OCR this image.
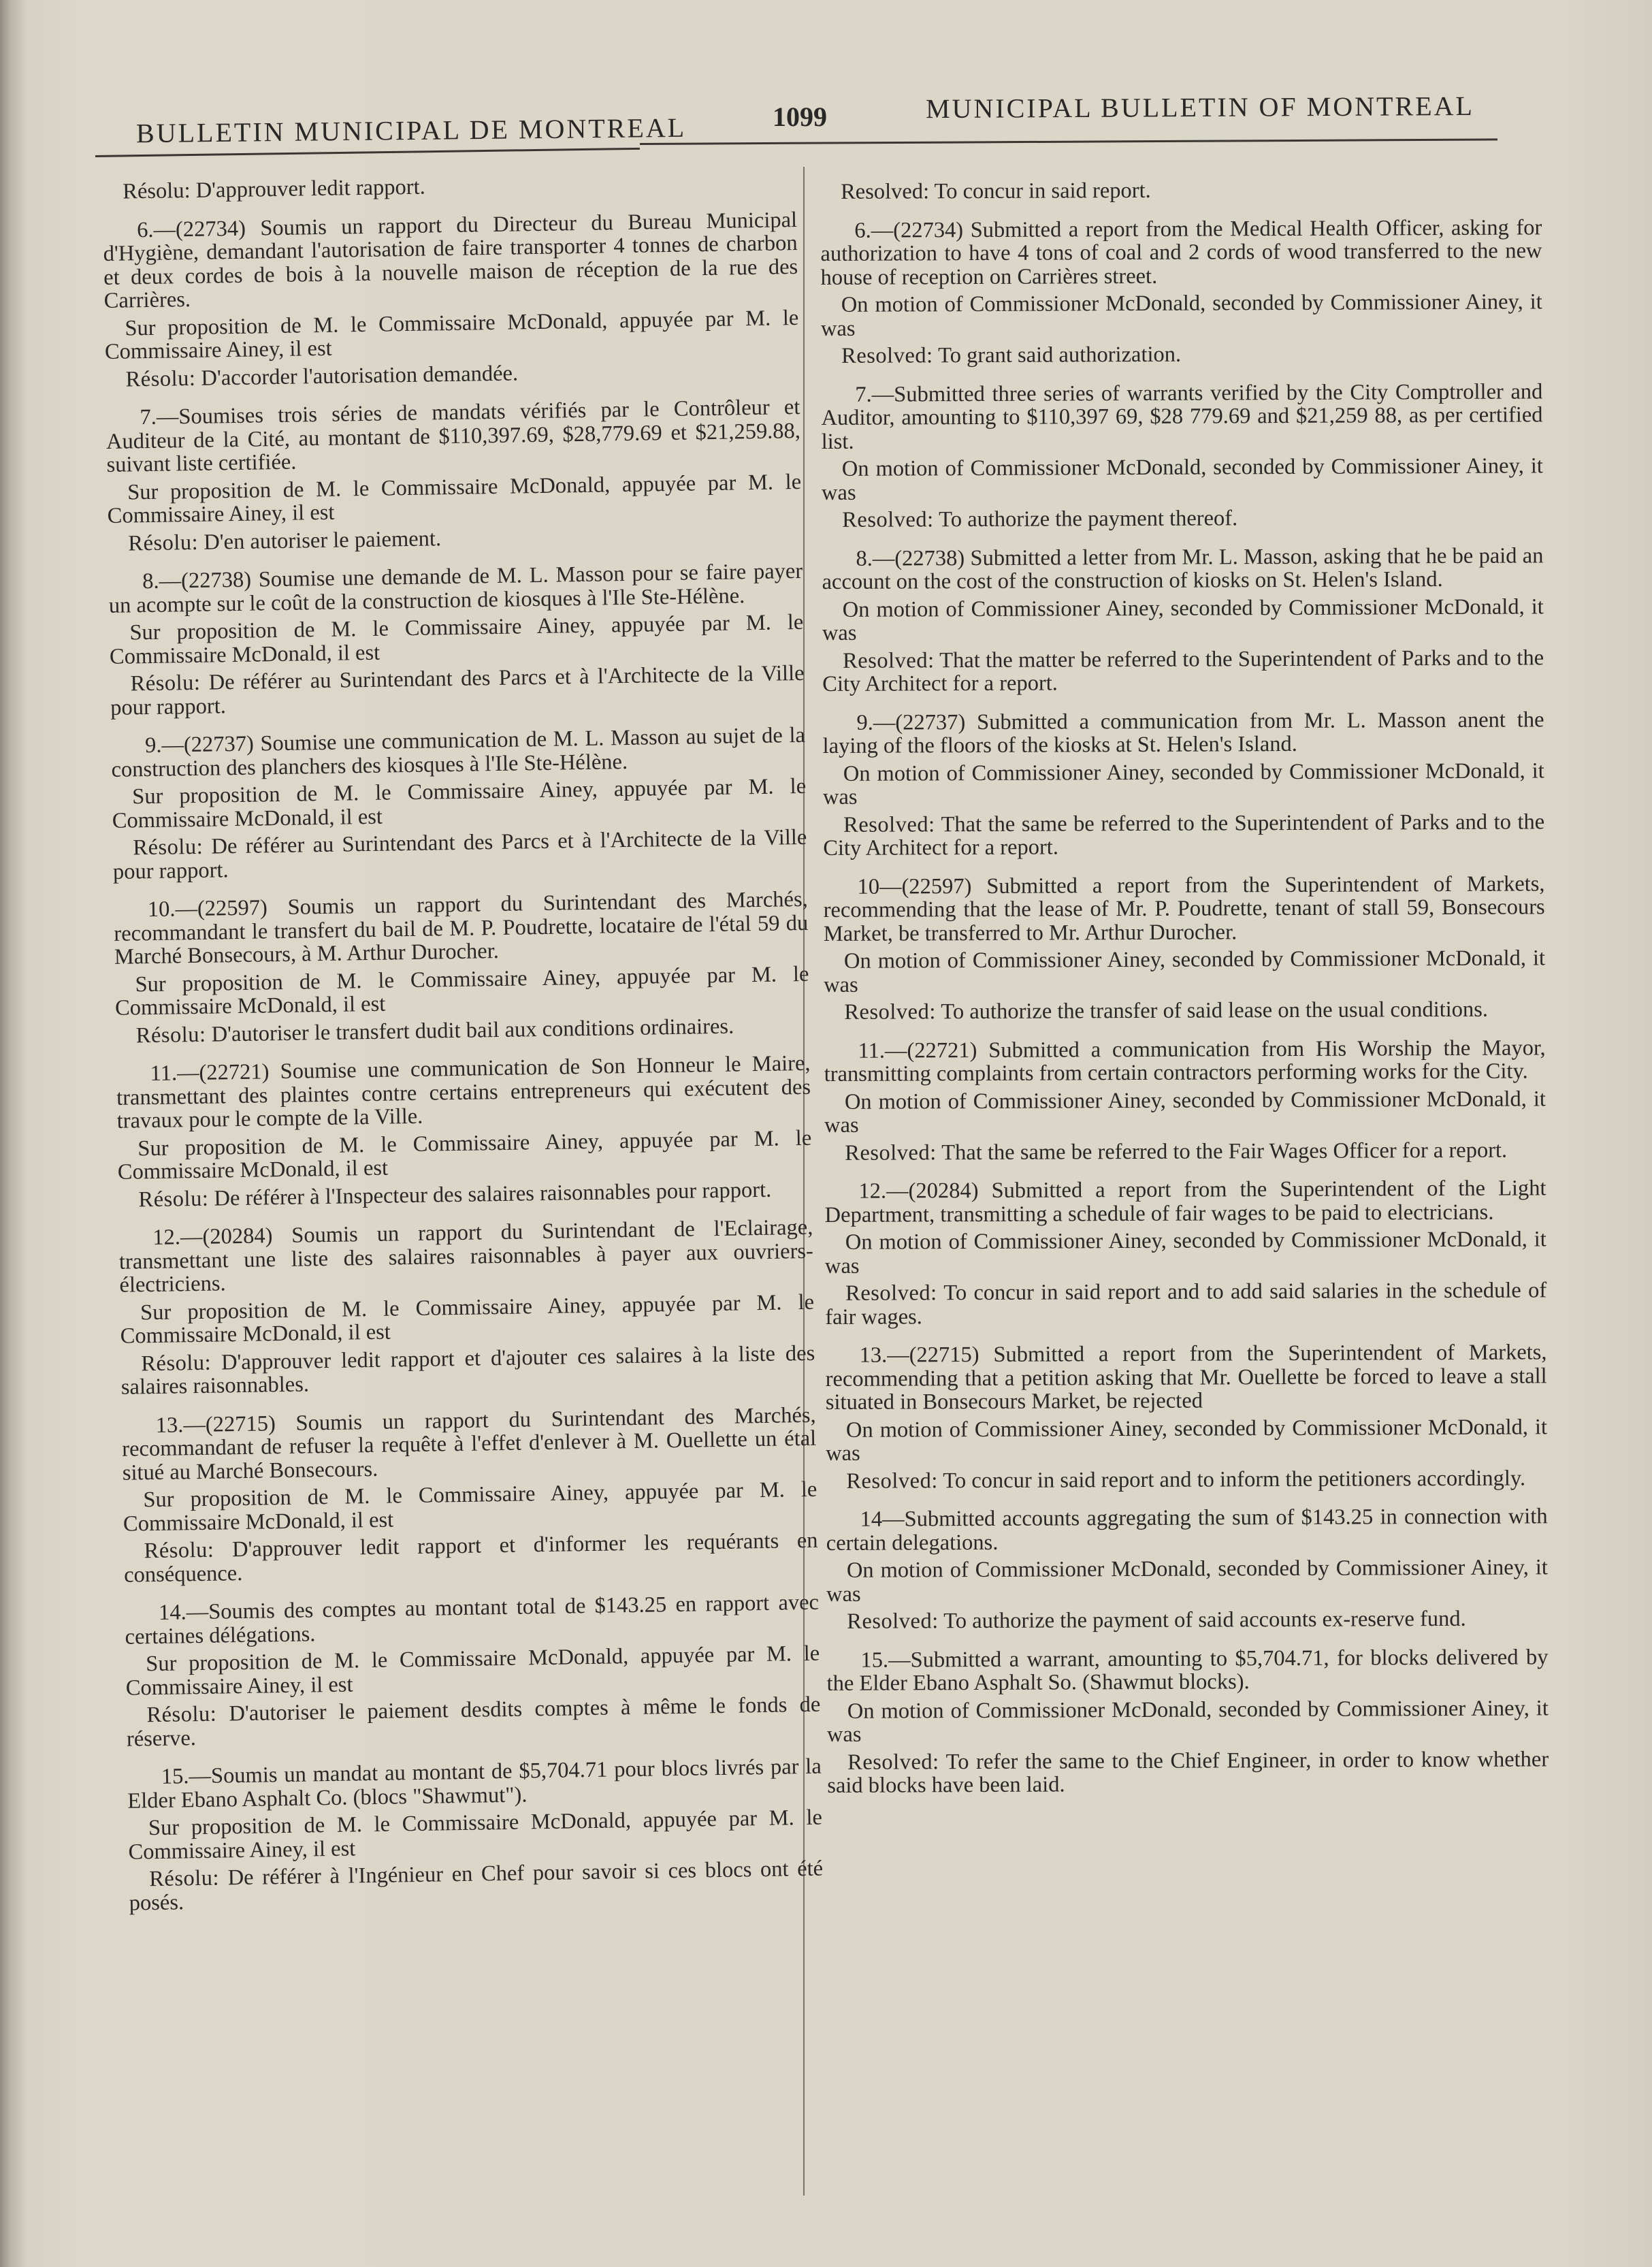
BULLETIN MUNICIPAL DE MONTREAL	1099	MUNICIPAL BULLETIN OF MONTREAL

Résolu: D'approuver ledit rapport.

6.—(22734) Soumis un rapport du Directeur du Bureau Municipal d'Hygiène, demandant l'autorisation de faire transporter 4 tonnes de charbon et deux cordes de bois à la nouvelle maison de réception de la rue des Carrières.

Sur proposition de M. le Commissaire McDonald, appuyée par M. le Commissaire Ainey, il est

Résolu: D'accorder l'autorisation demandée.

7.—Soumises trois séries de mandats vérifiés par le Contrôleur et Auditeur de la Cité, au montant de $110,397.69, $28,779.69 et $21,259.88, suivant liste certifiée.

Sur proposition de M. le Commissaire McDonald, appuyée par M. le Commissaire Ainey, il est

Résolu: D'en autoriser le paiement.

8.—(22738) Soumise une demande de M. L. Masson pour se faire payer un acompte sur le coût de la construction de kiosques à l'Ile Ste-Hélène.

Sur proposition de M. le Commissaire Ainey, appuyée par M. le Commissaire McDonald, il est

Résolu: De référer au Surintendant des Parcs et à l'Architecte de la Ville pour rapport.

9.—(22737) Soumise une communication de M. L. Masson au sujet de la construction des planchers des kiosques à l'Ile Ste-Hélène.

Sur proposition de M. le Commissaire Ainey, appuyée par M. le Commissaire McDonald, il est

Résolu: De référer au Surintendant des Parcs et à l'Architecte de la Ville pour rapport.

10.—(22597) Soumis un rapport du Surintendant des Marchés, recommandant le transfert du bail de M. P. Poudrette, locataire de l'étal 59 du Marché Bonsecours, à M. Arthur Durocher.

Sur proposition de M. le Commissaire Ainey, appuyée par M. le Commissaire McDonald, il est

Résolu: D'autoriser le transfert dudit bail aux conditions ordinaires.

11.—(22721) Soumise une communication de Son Honneur le Maire, transmettant des plaintes contre certains entrepreneurs qui exécutent des travaux pour le compte de la Ville.

Sur proposition de M. le Commissaire Ainey, appuyée par M. le Commissaire McDonald, il est

Résolu: De référer à l'Inspecteur des salaires raisonnables pour rapport.

12.—(20284) Soumis un rapport du Surintendant de l'Eclairage, transmettant une liste des salaires raisonnables à payer aux ouvriers-électriciens.

Sur proposition de M. le Commissaire Ainey, appuyée par M. le Commissaire McDonald, il est

Résolu: D'approuver ledit rapport et d'ajouter ces salaires à la liste des salaires raisonnables.

13.—(22715) Soumis un rapport du Surintendant des Marchés, recommandant de refuser la requête à l'effet d'enlever à M. Ouellette un étal situé au Marché Bonsecours.

Sur proposition de M. le Commissaire Ainey, appuyée par M. le Commissaire McDonald, il est

Résolu: D'approuver ledit rapport et d'informer les requérants en conséquence.

14.—Soumis des comptes au montant total de $143.25 en rapport avec certaines délégations.

Sur proposition de M. le Commissaire McDonald, appuyée par M. le Commissaire Ainey, il est

Résolu: D'autoriser le paiement desdits comptes à même le fonds de réserve.

15.—Soumis un mandat au montant de $5,704.71 pour blocs livrés par la Elder Ebano Asphalt Co. (blocs "Shawmut").

Sur proposition de M. le Commissaire McDonald, appuyée par M. le Commissaire Ainey, il est

Résolu: De référer à l'Ingénieur en Chef pour savoir si ces blocs ont été posés.

Resolved: To concur in said report.

6.—(22734) Submitted a report from the Medical Health Officer, asking for authorization to have 4 tons of coal and 2 cords of wood transferred to the new house of reception on Carrières street.

On motion of Commissioner McDonald, seconded by Commissioner Ainey, it was

Resolved: To grant said authorization.

7.—Submitted three series of warrants verified by the City Comptroller and Auditor, amounting to $110,397 69, $28 779.69 and $21,259 88, as per certified list.

On motion of Commissioner McDonald, seconded by Commissioner Ainey, it was

Resolved: To authorize the payment thereof.

8.—(22738) Submitted a letter from Mr. L. Masson, asking that he be paid an account on the cost of the construction of kiosks on St. Helen's Island.

On motion of Commissioner Ainey, seconded by Commissioner McDonald, it was

Resolved: That the matter be referred to the Superintendent of Parks and to the City Architect for a report.

9.—(22737) Submitted a communication from Mr. L. Masson anent the laying of the floors of the kiosks at St. Helen's Island.

On motion of Commissioner Ainey, seconded by Commissioner McDonald, it was

Resolved: That the same be referred to the Superintendent of Parks and to the City Architect for a report.

10—(22597) Submitted a report from the Superintendent of Markets, recommending that the lease of Mr. P. Poudrette, tenant of stall 59, Bonsecours Market, be transferred to Mr. Arthur Durocher.

On motion of Commissioner Ainey, seconded by Commissioner McDonald, it was

Resolved: To authorize the transfer of said lease on the usual conditions.

11.—(22721) Submitted a communication from His Worship the Mayor, transmitting complaints from certain contractors performing works for the City.

On motion of Commissioner Ainey, seconded by Commissioner McDonald, it was

Resolved: That the same be referred to the Fair Wages Officer for a report.

12.—(20284) Submitted a report from the Superintendent of the Light Department, transmitting a schedule of fair wages to be paid to electricians.

On motion of Commissioner Ainey, seconded by Commissioner McDonald, it was

Resolved: To concur in said report and to add said salaries in the schedule of fair wages.

13.—(22715) Submitted a report from the Superintendent of Markets, recommending that a petition asking that Mr. Ouellette be forced to leave a stall situated in Bonsecours Market, be rejected

On motion of Commissioner Ainey, seconded by Commissioner McDonald, it was

Resolved: To concur in said report and to inform the petitioners accordingly.

14—Submitted accounts aggregating the sum of $143.25 in connection with certain delegations.

On motion of Commissioner McDonald, seconded by Commissioner Ainey, it was

Resolved: To authorize the payment of said accounts ex-reserve fund.

15.—Submitted a warrant, amounting to $5,704.71, for blocks delivered by the Elder Ebano Asphalt So. (Shawmut blocks).

On motion of Commissioner McDonald, seconded by Commissioner Ainey, it was

Resolved: To refer the same to the Chief Engineer, in order to know whether said blocks have been laid.
